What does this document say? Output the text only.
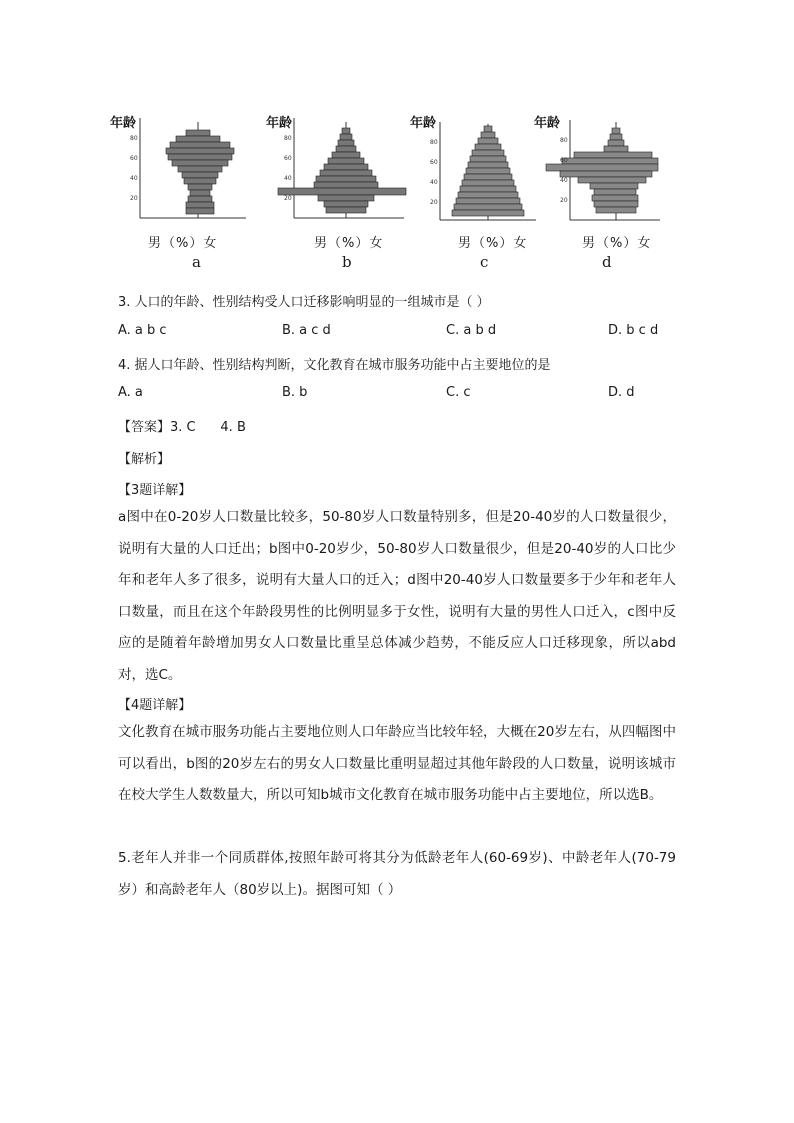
80
60
40
20
年龄
男（%）女
a
80
60
40
20
年龄
男（%）女
b
80
60
40
20
年龄
男（%）女
c
80
60
40
20
年龄
男（%）女
d
3. 人口的年龄、性别结构受人口迁移影响明显的一组城市是（ ）
A. a b c	B. a c d	C. a b d	D. b c d
4. 据人口年龄、性别结构判断，文化教育在城市服务功能中占主要地位的是
A. a	B. b	C. c	D. d
【答案】3. C      4. B
【解析】
【3题详解】

a图中在0-20岁人口数量比较多，50-80岁人口数量特别多，但是20-40岁的人口数量很少，说明有大量的人口迁出；b图中0-20岁少，50-80岁人口数量很少，但是20-40岁的人口比少年和老年人多了很多，说明有大量人口的迁入；d图中20-40岁人口数量要多于少年和老年人口数量，而且在这个年龄段男性的比例明显多于女性，说明有大量的男性人口迁入，c图中反应的是随着年龄增加男女人口数量比重呈总体减少趋势，不能反应人口迁移现象，所以abd对，选C。

【4题详解】

文化教育在城市服务功能占主要地位则人口年龄应当比较年轻，大概在20岁左右，从四幅图中可以看出，b图的20岁左右的男女人口数量比重明显超过其他年龄段的人口数量，说明该城市在校大学生人数数量大，所以可知b城市文化教育在城市服务功能中占主要地位，所以选B。

5.老年人并非一个同质群体,按照年龄可将其分为低龄老年人(60-69岁)、中龄老年人(70-79岁）和高龄老年人（80岁以上)。据图可知（ ）
